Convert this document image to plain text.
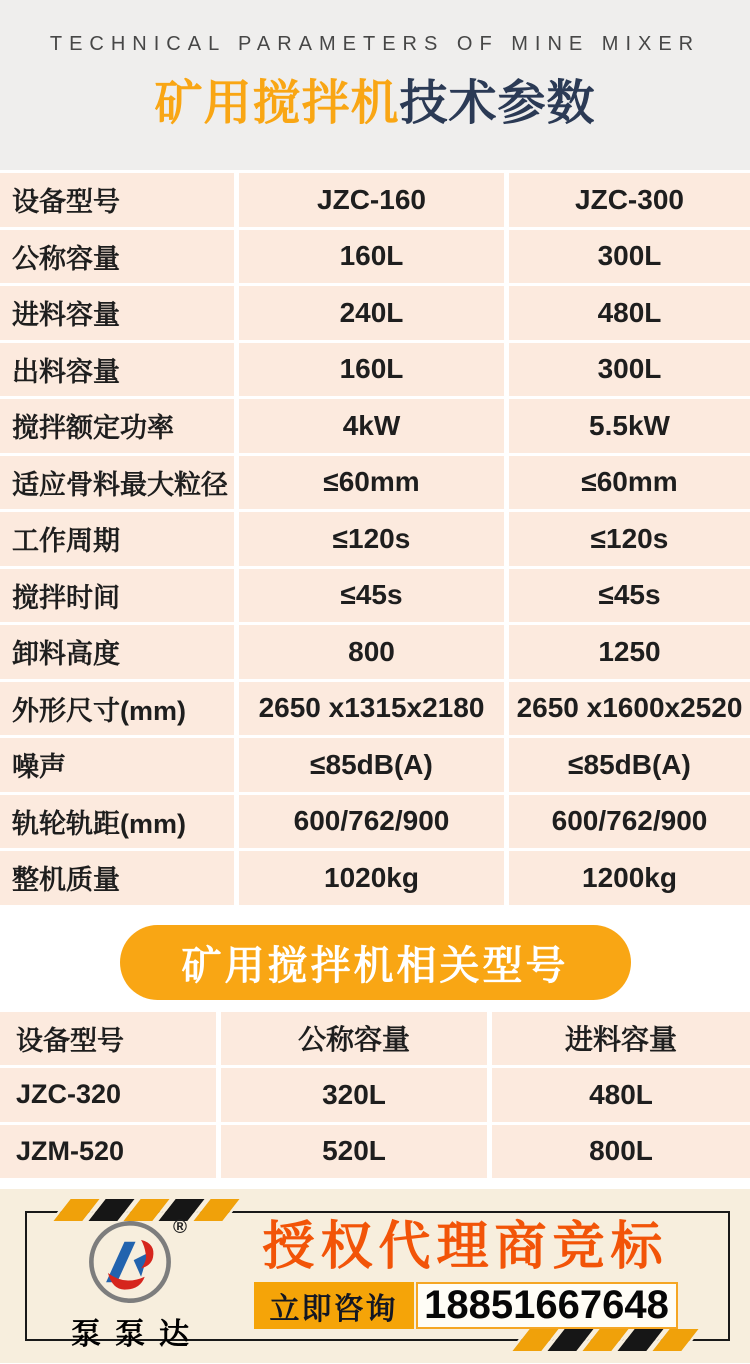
TECHNICAL PARAMETERS OF MINE MIXER
矿用搅拌机技术参数
设备型号	JZC-160	JZC-300
公称容量	160L	300L
进料容量	240L	480L
出料容量	160L	300L
搅拌额定功率	4kW	5.5kW
适应骨料最大粒径	≤60mm	≤60mm
工作周期	≤120s	≤120s
搅拌时间	≤45s	≤45s
卸料高度	800	1250
外形尺寸(mm)	2650 x1315x2180	2650 x1600x2520
噪声	≤85dB(A)	≤85dB(A)
轨轮轨距(mm)	600/762/900	600/762/900
整机质量	1020kg	1200kg
矿用搅拌机相关型号
设备型号	公称容量	进料容量
JZC-320	320L	480L
JZM-520	520L	800L
®
泵泵达
授权代理商竞标
立即咨询 18851667648
